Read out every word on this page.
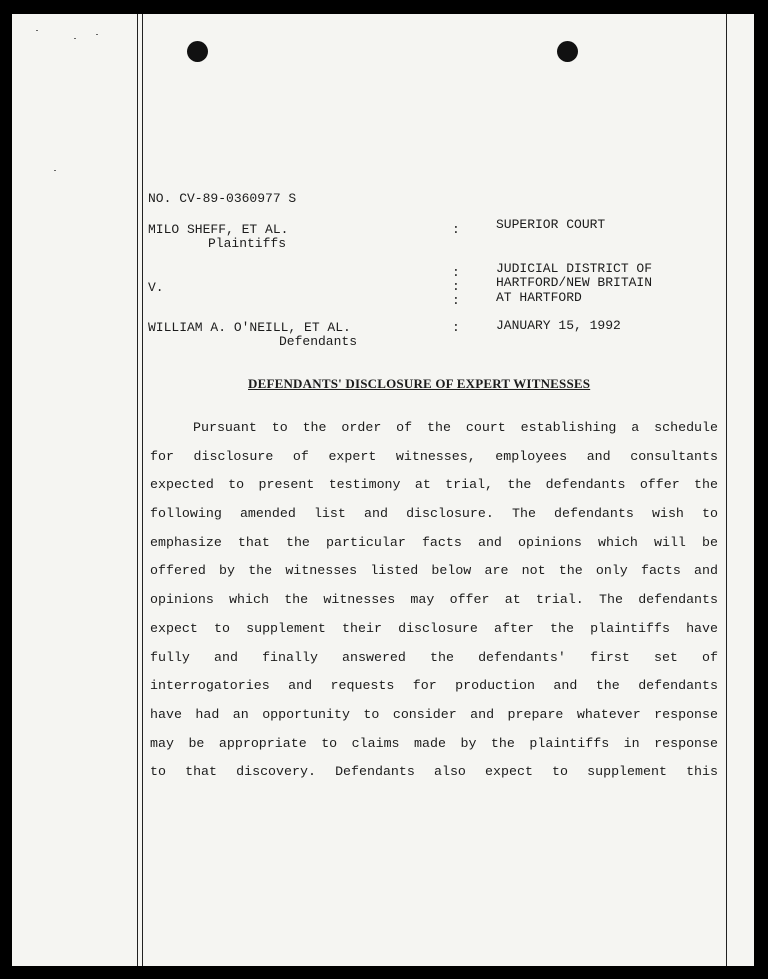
NO. CV-89-0360977 S
MILO SHEFF, ET AL.
Plaintiffs
V.
WILLIAM A. O'NEILL, ET AL.
Defendants
:
:
:
:
:
SUPERIOR COURT
JUDICIAL DISTRICT OF
HARTFORD/NEW BRITAIN
AT HARTFORD
JANUARY 15, 1992
DEFENDANTS' DISCLOSURE OF EXPERT WITNESSES
Pursuant to the order of the court establishing a schedule
for disclosure of expert witnesses, employees and consultants
expected to present testimony at trial, the defendants offer the
following amended list and disclosure. The defendants wish to
emphasize that the particular facts and opinions which will be
offered by the witnesses listed below are not the only facts and
opinions which the witnesses may offer at trial. The defendants
expect to supplement their disclosure after the plaintiffs have
fully and finally answered the defendants' first set of
interrogatories and requests for production and the defendants
have had an opportunity to consider and prepare whatever response
may be appropriate to claims made by the plaintiffs in response
to that discovery. Defendants also expect to supplement this
